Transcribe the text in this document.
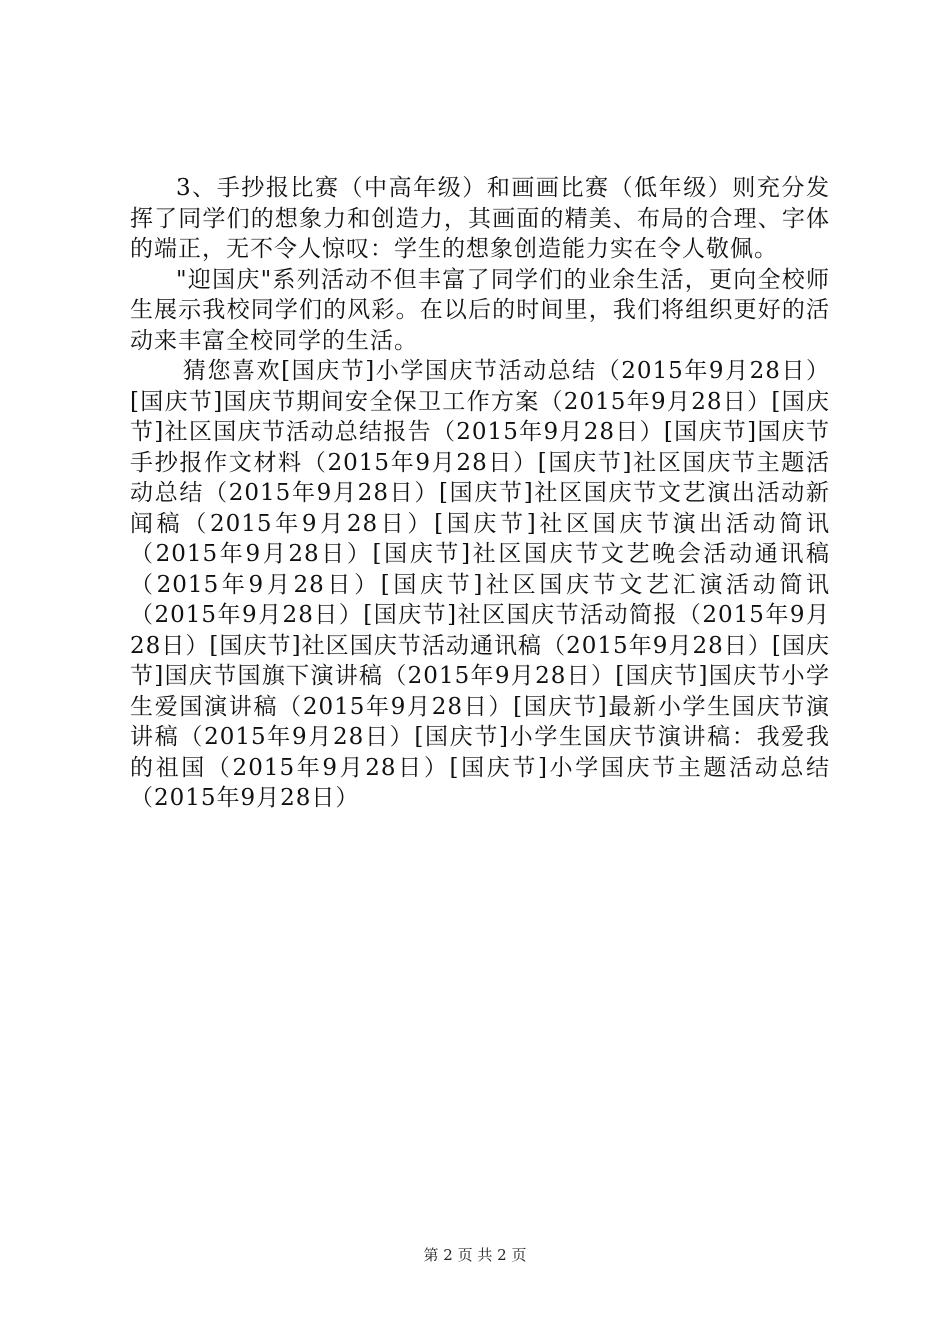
3、手抄报比赛（中高年级）和画画比赛（低年级）则充分发挥了同学们的想象力和创造力，其画面的精美、布局的合理、字体的端正，无不令人惊叹：学生的想象创造能力实在令人敬佩。

"迎国庆"系列活动不但丰富了同学们的业余生活，更向全校师生展示我校同学们的风彩。在以后的时间里，我们将组织更好的活动来丰富全校同学的生活。

猜您喜欢[国庆节]小学国庆节活动总结（2015年9月28日）[国庆节]国庆节期间安全保卫工作方案（2015年9月28日）[国庆节]社区国庆节活动总结报告（2015年9月28日）[国庆节]国庆节手抄报作文材料（2015年9月28日）[国庆节]社区国庆节主题活动总结（2015年9月28日）[国庆节]社区国庆节文艺演出活动新闻稿（2015年9月28日）[国庆节]社区国庆节演出活动简讯（2015年9月28日）[国庆节]社区国庆节文艺晚会活动通讯稿（2015年9月28日）[国庆节]社区国庆节文艺汇演活动简讯（2015年9月28日）[国庆节]社区国庆节活动简报（2015年9月28日）[国庆节]社区国庆节活动通讯稿（2015年9月28日）[国庆节]国庆节国旗下演讲稿（2015年9月28日）[国庆节]国庆节小学生爱国演讲稿（2015年9月28日）[国庆节]最新小学生国庆节演讲稿（2015年9月28日）[国庆节]小学生国庆节演讲稿：我爱我的祖国（2015年9月28日）[国庆节]小学国庆节主题活动总结（2015年9月28日）

第 2 页 共 2 页
